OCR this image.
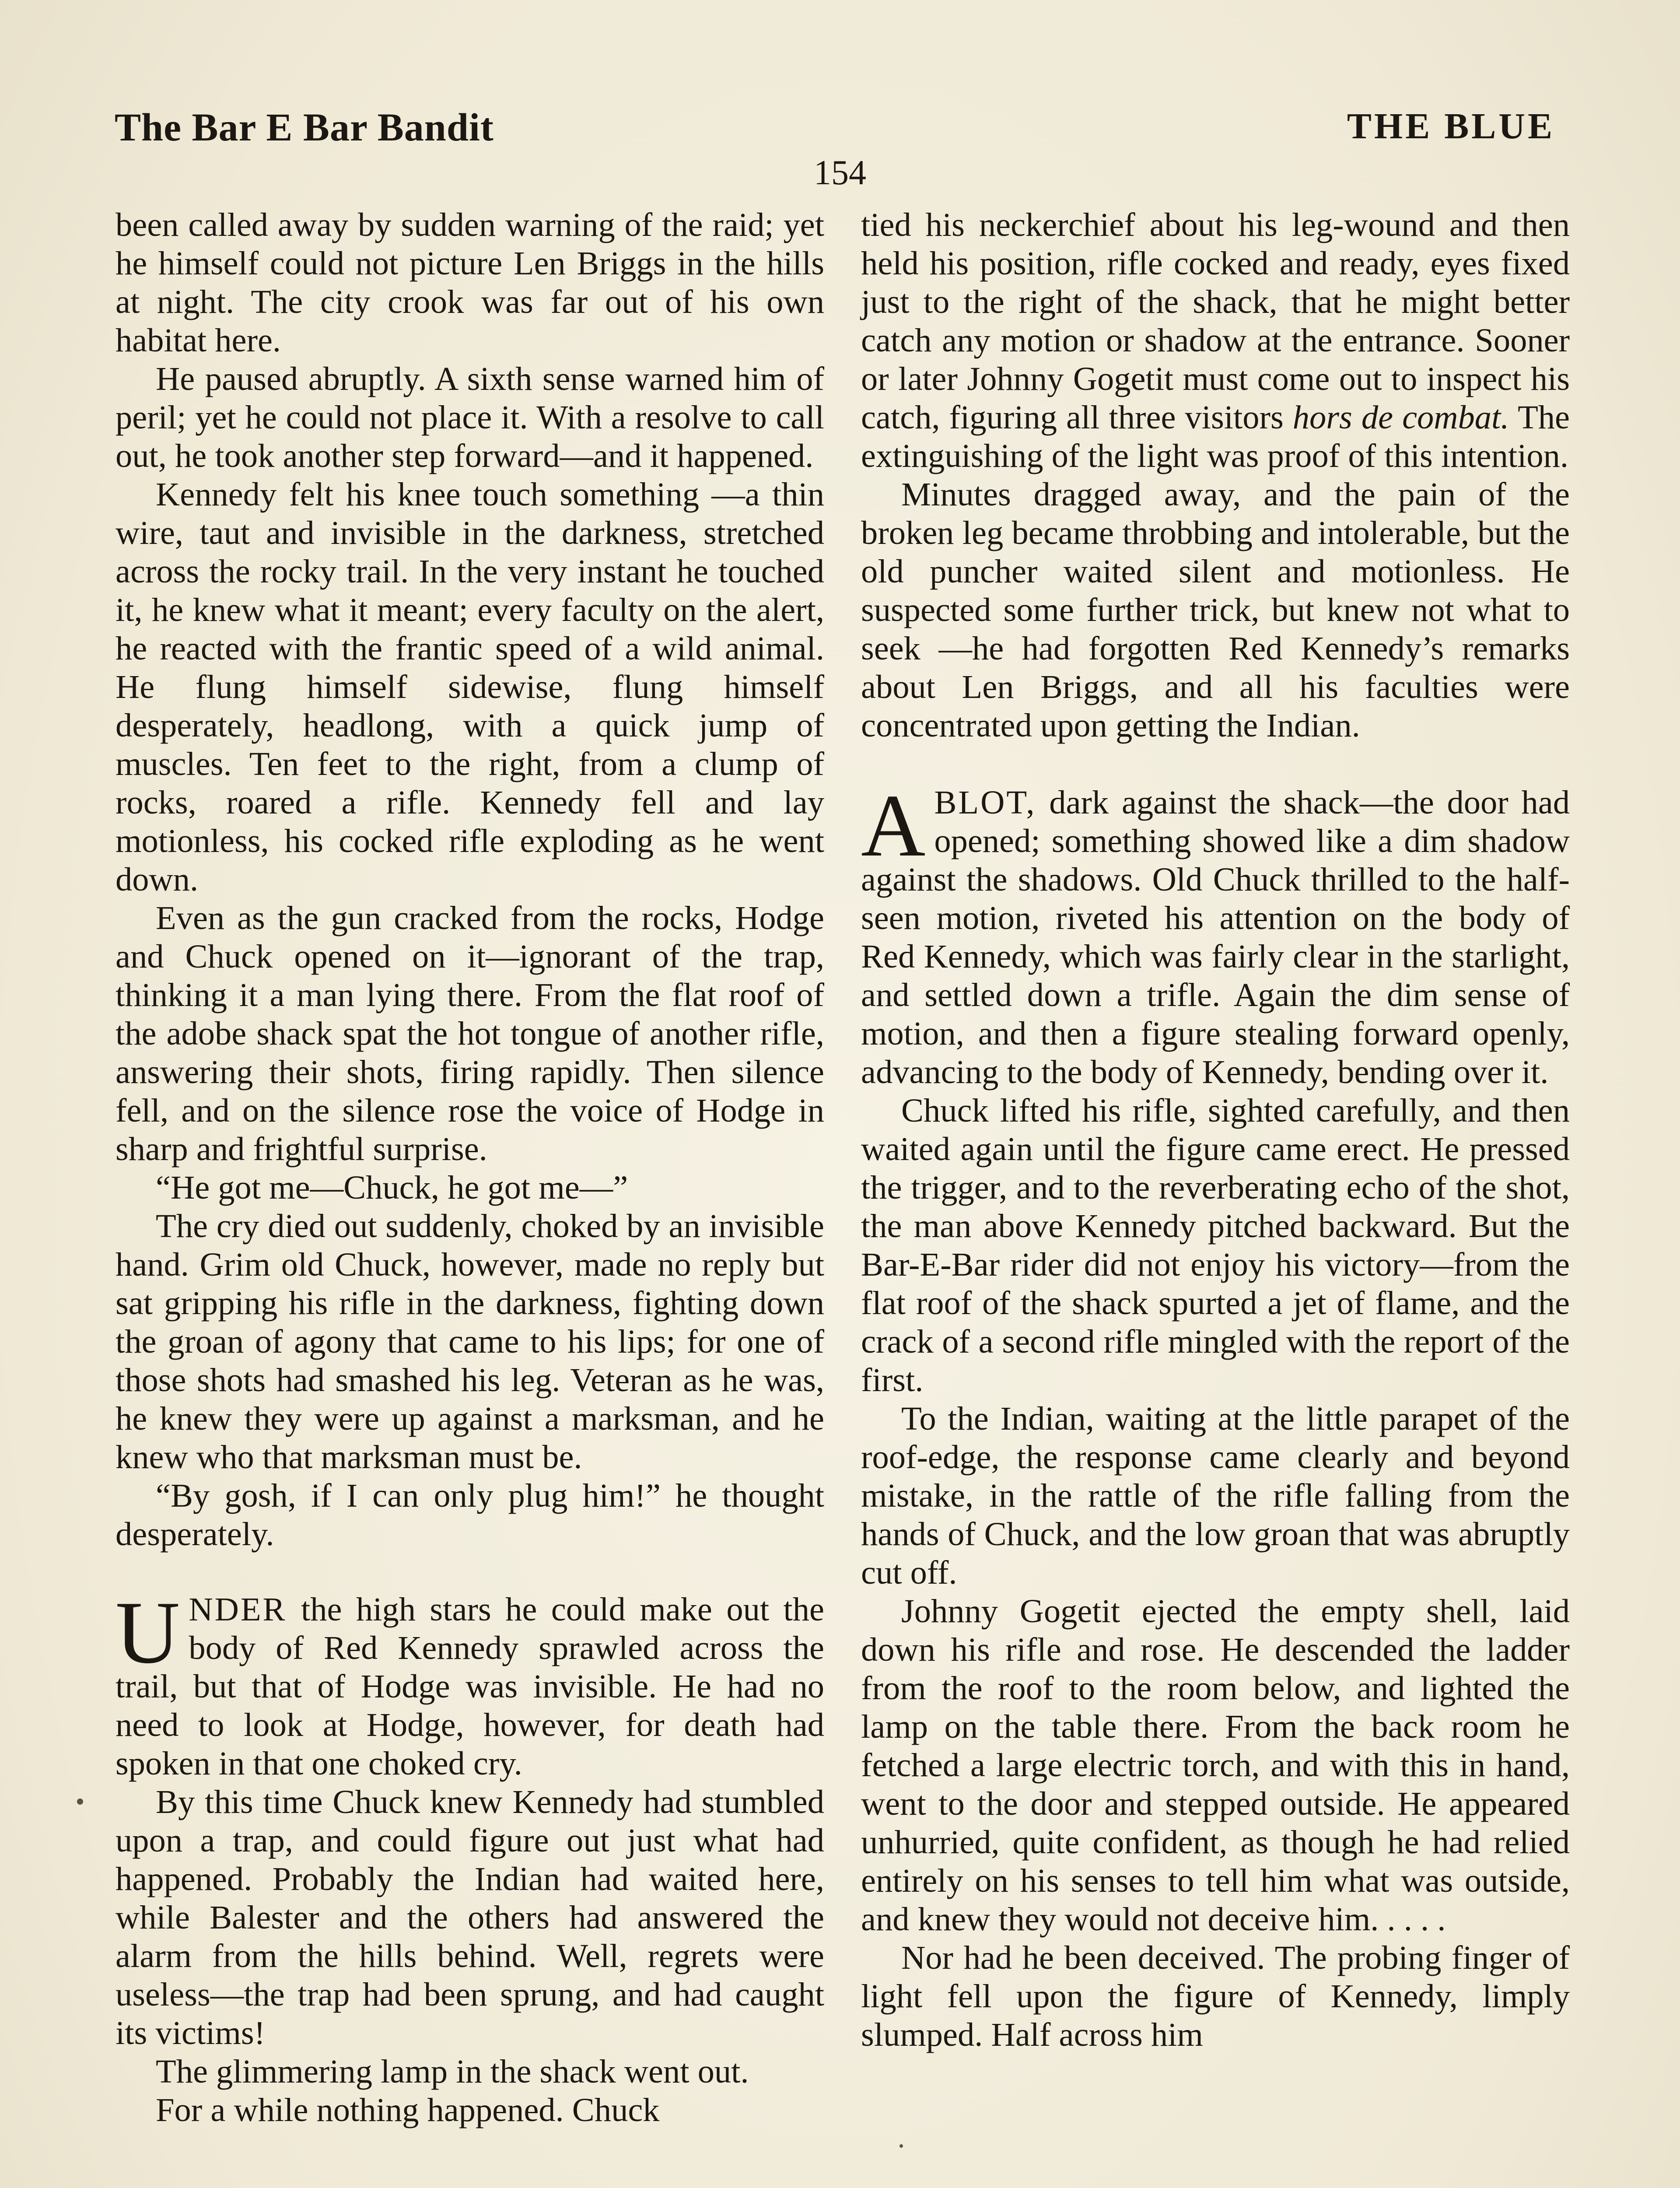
The Bar E Bar Bandit	THE BLUE
154

been called away by sudden warning of the raid; yet he himself could not picture Len Briggs in the hills at night. The city crook was far out of his own habitat here.

He paused abruptly. A sixth sense warned him of peril; yet he could not place it. With a resolve to call out, he took another step forward—and it happened.

Kennedy felt his knee touch something —a thin wire, taut and invisible in the darkness, stretched across the rocky trail. In the very instant he touched it, he knew what it meant; every faculty on the alert, he reacted with the frantic speed of a wild animal. He flung himself sidewise, flung himself desperately, headlong, with a quick jump of muscles. Ten feet to the right, from a clump of rocks, roared a rifle. Kennedy fell and lay motionless, his cocked rifle exploding as he went down.

Even as the gun cracked from the rocks, Hodge and Chuck opened on it—ignorant of the trap, thinking it a man lying there. From the flat roof of the adobe shack spat the hot tongue of another rifle, answering their shots, firing rapidly. Then silence fell, and on the silence rose the voice of Hodge in sharp and frightful surprise.

“He got me—Chuck, he got me—”

The cry died out suddenly, choked by an invisible hand. Grim old Chuck, however, made no reply but sat gripping his rifle in the darkness, fighting down the groan of agony that came to his lips; for one of those shots had smashed his leg. Veteran as he was, he knew they were up against a marksman, and he knew who that marksman must be.

“By gosh, if I can only plug him!” he thought desperately.

UNDER the high stars he could make out the body of Red Kennedy sprawled across the trail, but that of Hodge was invisible. He had no need to look at Hodge, however, for death had spoken in that one choked cry.

By this time Chuck knew Kennedy had stumbled upon a trap, and could figure out just what had happened. Probably the Indian had waited here, while Balester and the others had answered the alarm from the hills behind. Well, regrets were useless—the trap had been sprung, and had caught its victims!

The glimmering lamp in the shack went out.

For a while nothing happened. Chuck

tied his neckerchief about his leg-wound and then held his position, rifle cocked and ready, eyes fixed just to the right of the shack, that he might better catch any motion or shadow at the entrance. Sooner or later Johnny Gogetit must come out to inspect his catch, figuring all three visitors hors de combat. The extinguishing of the light was proof of this intention.

Minutes dragged away, and the pain of the broken leg became throbbing and intolerable, but the old puncher waited silent and motionless. He suspected some further trick, but knew not what to seek —he had forgotten Red Kennedy’s remarks about Len Briggs, and all his faculties were concentrated upon getting the Indian.

ABLOT, dark against the shack—the door had opened; something showed like a dim shadow against the shadows. Old Chuck thrilled to the half-seen motion, riveted his attention on the body of Red Kennedy, which was fairly clear in the starlight, and settled down a trifle. Again the dim sense of motion, and then a figure stealing forward openly, advancing to the body of Kennedy, bending over it.

Chuck lifted his rifle, sighted carefully, and then waited again until the figure came erect. He pressed the trigger, and to the reverberating echo of the shot, the man above Kennedy pitched backward. But the Bar-E-Bar rider did not enjoy his victory—from the flat roof of the shack spurted a jet of flame, and the crack of a second rifle mingled with the report of the first.

To the Indian, waiting at the little parapet of the roof-edge, the response came clearly and beyond mistake, in the rattle of the rifle falling from the hands of Chuck, and the low groan that was abruptly cut off.

Johnny Gogetit ejected the empty shell, laid down his rifle and rose. He descended the ladder from the roof to the room below, and lighted the lamp on the table there. From the back room he fetched a large electric torch, and with this in hand, went to the door and stepped outside. He appeared unhurried, quite confident, as though he had relied entirely on his senses to tell him what was outside, and knew they would not deceive him. . . . .

Nor had he been deceived. The probing finger of light fell upon the figure of Kennedy, limply slumped. Half across him
